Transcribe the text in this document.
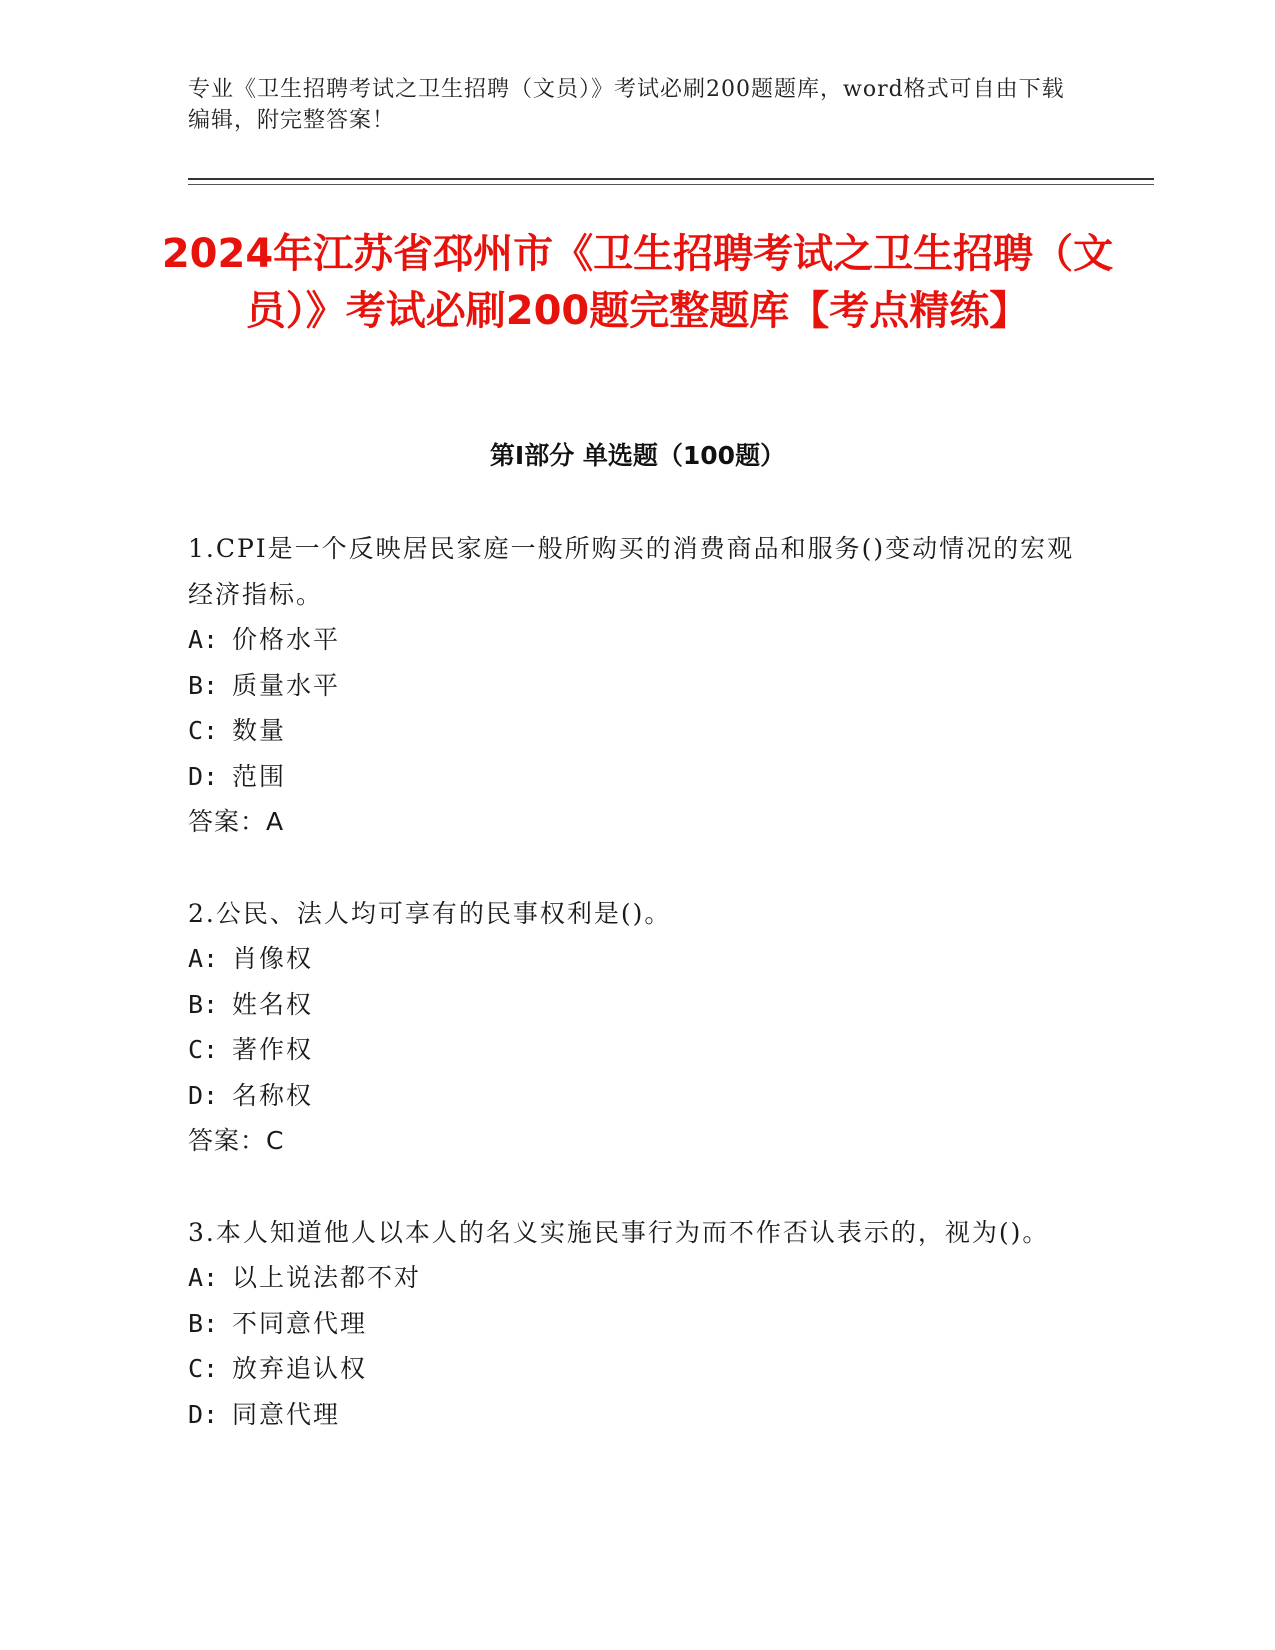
专业《卫生招聘考试之卫生招聘（文员）》考试必刷200题题库，word格式可自由下载编辑，附完整答案！
2024年江苏省邳州市《卫生招聘考试之卫生招聘（文员）》考试必刷200题完整题库【考点精练】
第Ⅰ部分 单选题（100题）
1.CPI是一个反映居民家庭一般所购买的消费商品和服务()变动情况的宏观经济指标。
A: 价格水平
B: 质量水平
C: 数量
D: 范围
答案：A
2.公民、法人均可享有的民事权利是()。
A: 肖像权
B: 姓名权
C: 著作权
D: 名称权
答案：C
3.本人知道他人以本人的名义实施民事行为而不作否认表示的，视为()。
A: 以上说法都不对
B: 不同意代理
C: 放弃追认权
D: 同意代理
